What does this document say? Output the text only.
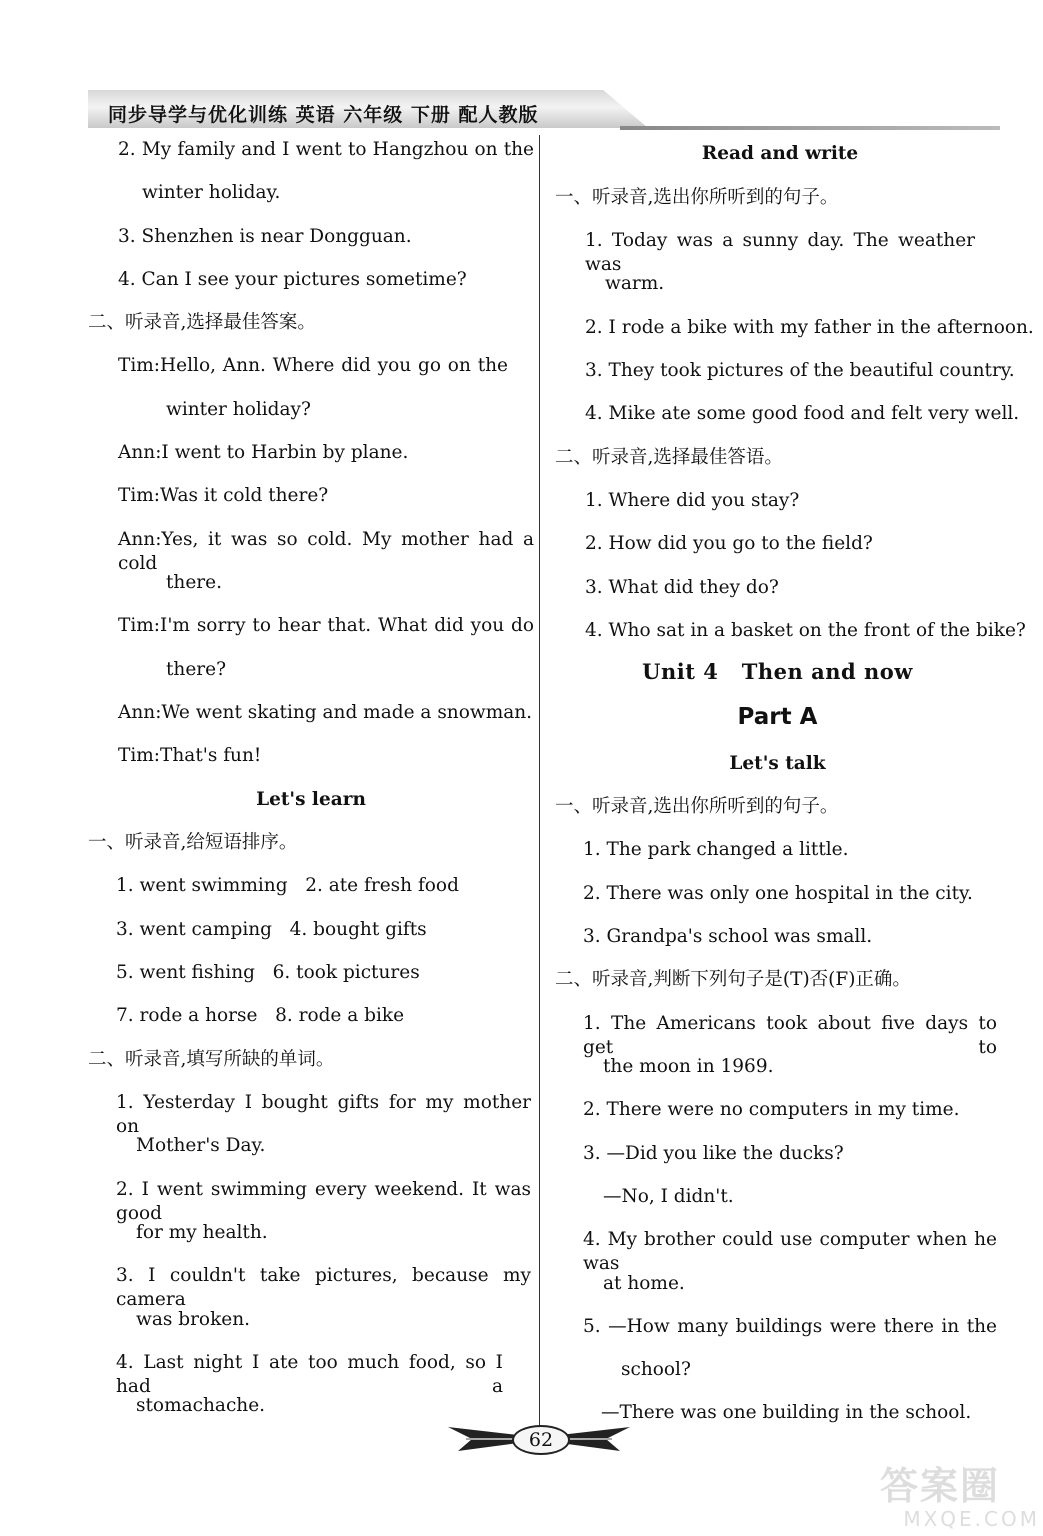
同步导学与优化训练 英语 六年级 下册 配人教版
2. My family and I went to Hangzhou on the
winter holiday.
3. Shenzhen is near Dongguan.
4. Can I see your pictures sometime?
二、听录音,选择最佳答案。
Tim:Hello, Ann. Where did you go on the
winter holiday?
Ann:I went to Harbin by plane.
Tim:Was it cold there?
Ann:Yes, it was so cold. My mother had a cold
there.
Tim:I'm sorry to hear that. What did you do
there?
Ann:We went skating and made a snowman.
Tim:That's fun!
Let's learn
一、听录音,给短语排序。
1. went swimming   2. ate fresh food
3. went camping   4. bought gifts
5. went fishing   6. took pictures
7. rode a horse   8. rode a bike
二、听录音,填写所缺的单词。
1. Yesterday I bought gifts for my mother on
Mother's Day.
2. I went swimming every weekend. It was good
for my health.
3. I couldn't take pictures, because my camera
was broken.
4. Last night I ate too much food, so I had a
stomachache.
Read and write
一、听录音,选出你所听到的句子。
1. Today was a sunny day. The weather was
warm.
2. I rode a bike with my father in the afternoon.
3. They took pictures of the beautiful country.
4. Mike ate some good food and felt very well.
二、听录音,选择最佳答语。
1. Where did you stay?
2. How did you go to the field?
3. What did they do?
4. Who sat in a basket on the front of the bike?
Unit 4   Then and now
Part A
Let's talk
一、听录音,选出你所听到的句子。
1. The park changed a little.
2. There was only one hospital in the city.
3. Grandpa's school was small.
二、听录音,判断下列句子是(T)否(F)正确。
1. The Americans took about five days to get to
the moon in 1969.
2. There were no computers in my time.
3. —Did you like the ducks?
—No, I didn't.
4. My brother could use computer when he was
at home.
5. —How many buildings were there in the
school?
—There was one building in the school.
62
答案圈
MXQE.COM
